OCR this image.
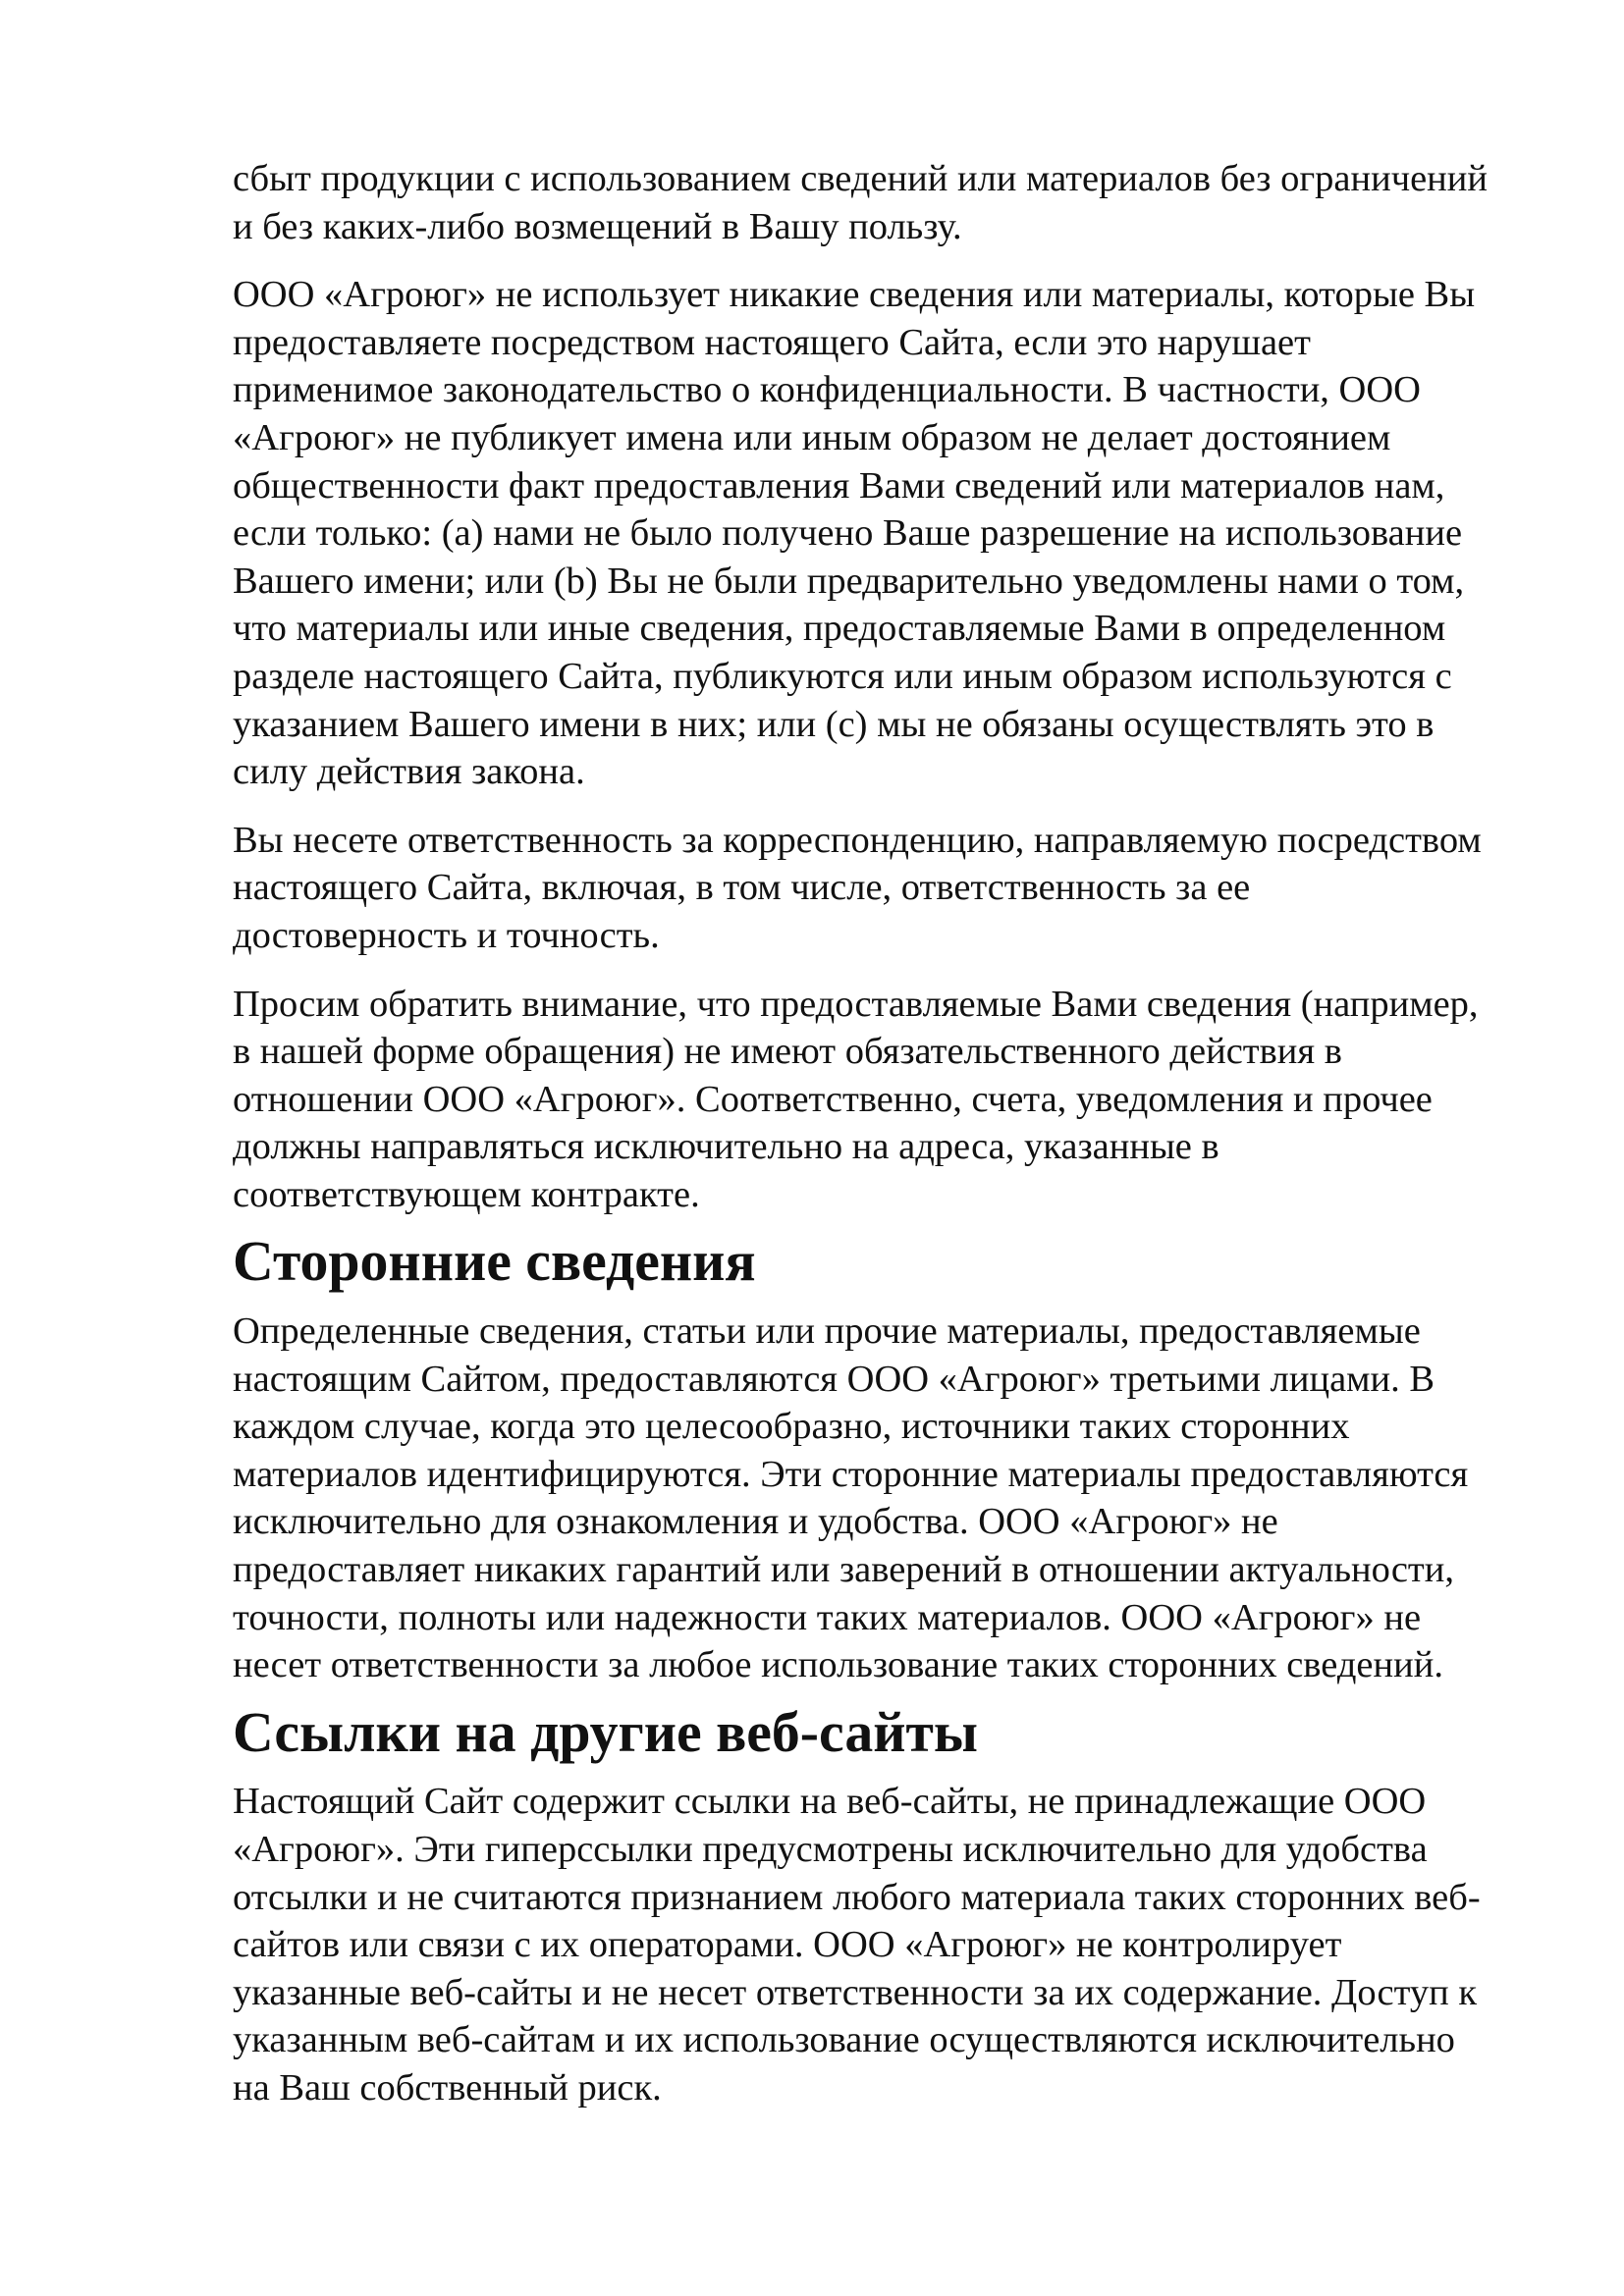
сбыт продукции с использованием сведений или материалов без ограничений
и без каких-либо возмещений в Вашу пользу.

ООО «Агроюг» не использует никакие сведения или материалы, которые Вы
предоставляете посредством настоящего Сайта, если это нарушает
применимое законодательство о конфиденциальности. В частности, ООО
«Агроюг» не публикует имена или иным образом не делает достоянием
общественности факт предоставления Вами сведений или материалов нам,
если только: (a) нами не было получено Ваше разрешение на использование
Вашего имени; или (b) Вы не были предварительно уведомлены нами о том,
что материалы или иные сведения, предоставляемые Вами в определенном
разделе настоящего Сайта, публикуются или иным образом используются с
указанием Вашего имени в них; или (c) мы не обязаны осуществлять это в
силу действия закона.

Вы несете ответственность за корреспонденцию, направляемую посредством
настоящего Сайта, включая, в том числе, ответственность за ее
достоверность и точность.

Просим обратить внимание, что предоставляемые Вами сведения (например,
в нашей форме обращения) не имеют обязательственного действия в
отношении ООО «Агроюг». Соответственно, счета, уведомления и прочее
должны направляться исключительно на адреса, указанные в
соответствующем контракте.

Сторонние сведения

Определенные сведения, статьи или прочие материалы, предоставляемые
настоящим Сайтом, предоставляются ООО «Агроюг» третьими лицами. В
каждом случае, когда это целесообразно, источники таких сторонних
материалов идентифицируются. Эти сторонние материалы предоставляются
исключительно для ознакомления и удобства. ООО «Агроюг» не
предоставляет никаких гарантий или заверений в отношении актуальности,
точности, полноты или надежности таких материалов. ООО «Агроюг» не
несет ответственности за любое использование таких сторонних сведений.

Ссылки на другие веб-сайты

Настоящий Сайт содержит ссылки на веб-сайты, не принадлежащие ООО
«Агроюг». Эти гиперссылки предусмотрены исключительно для удобства
отсылки и не считаются признанием любого материала таких сторонних веб-
сайтов или связи с их операторами. ООО «Агроюг» не контролирует
указанные веб-сайты и не несет ответственности за их содержание. Доступ к
указанным веб-сайтам и их использование осуществляются исключительно
на Ваш собственный риск.
